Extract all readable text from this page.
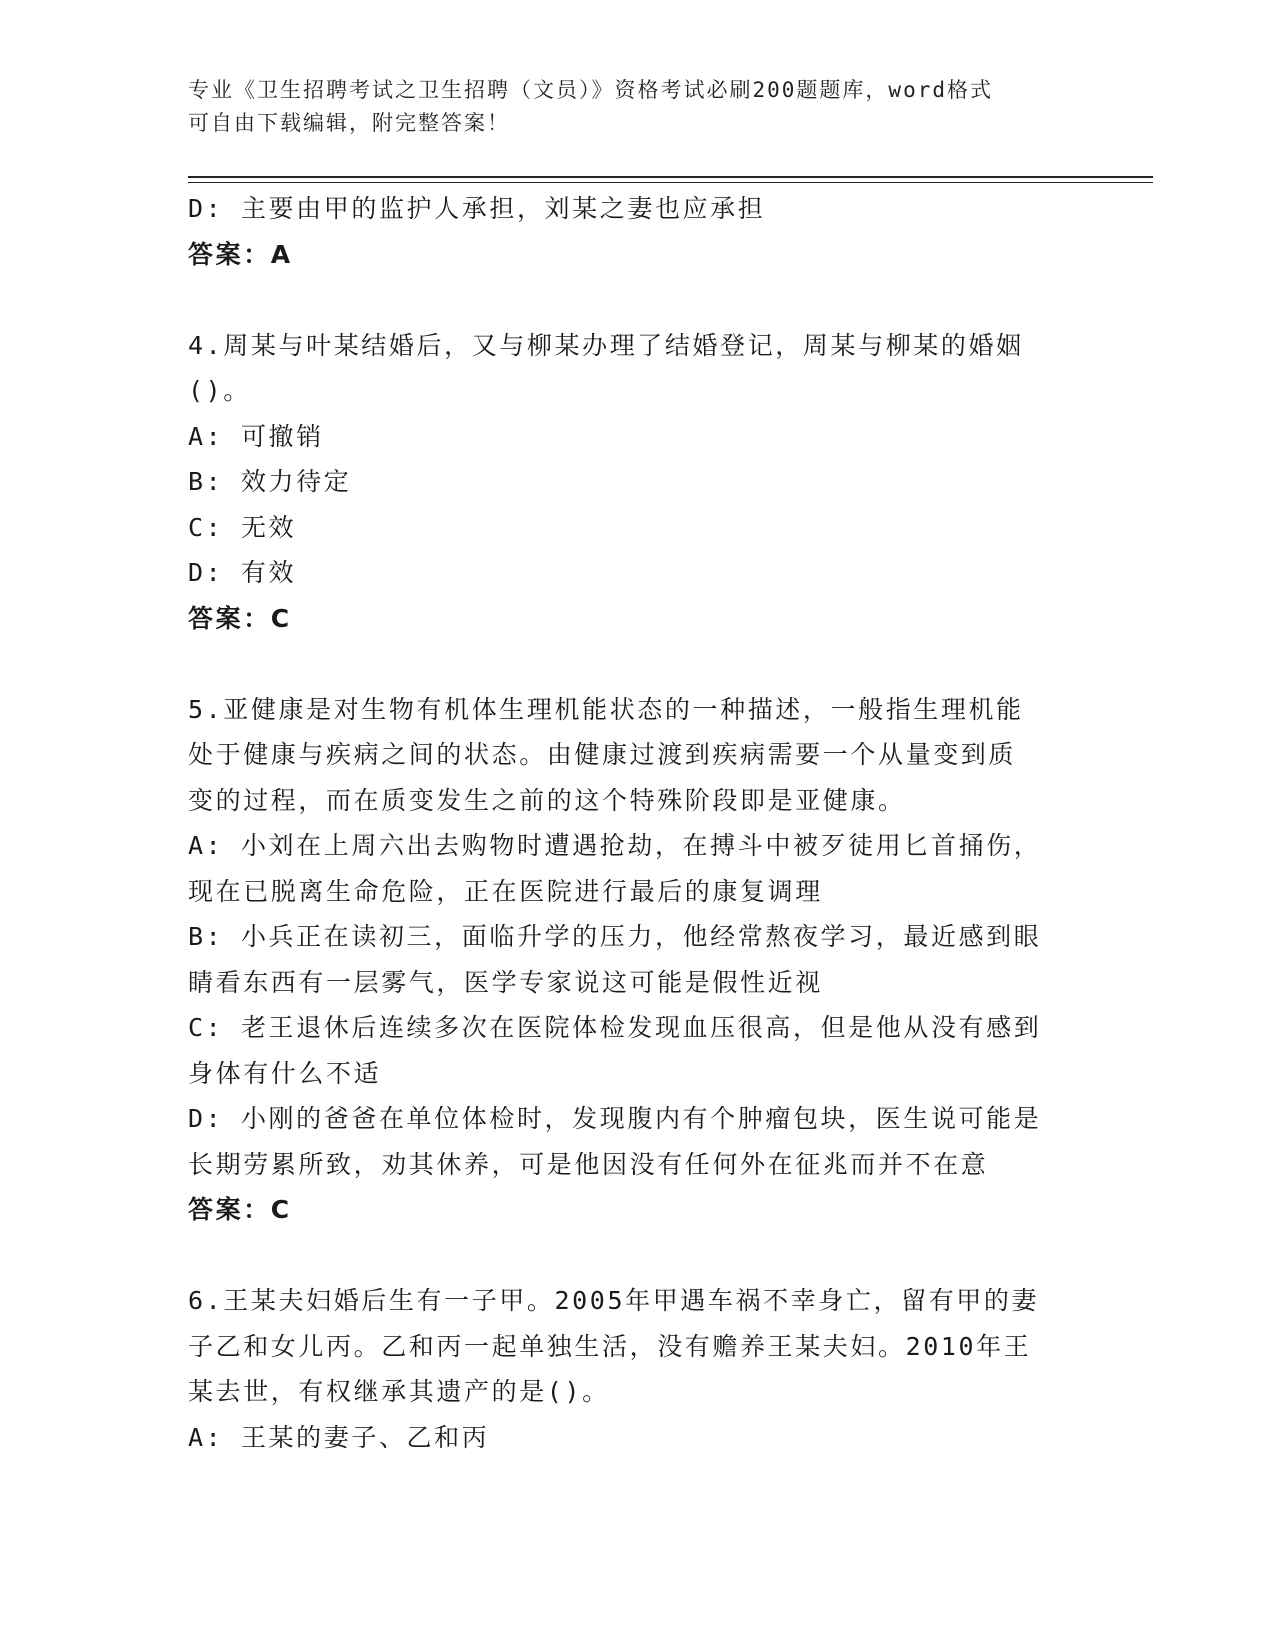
专业《卫生招聘考试之卫生招聘（文员）》资格考试必刷200题题库，word格式
可自由下载编辑，附完整答案！
D: 主要由甲的监护人承担，刘某之妻也应承担
答案：A
4.周某与叶某结婚后，又与柳某办理了结婚登记，周某与柳某的婚姻
()。
A: 可撤销
B: 效力待定
C: 无效
D: 有效
答案：C
5.亚健康是对生物有机体生理机能状态的一种描述，一般指生理机能
处于健康与疾病之间的状态。由健康过渡到疾病需要一个从量变到质
变的过程，而在质变发生之前的这个特殊阶段即是亚健康。
A: 小刘在上周六出去购物时遭遇抢劫，在搏斗中被歹徒用匕首捅伤，
现在已脱离生命危险，正在医院进行最后的康复调理
B: 小兵正在读初三，面临升学的压力，他经常熬夜学习，最近感到眼
睛看东西有一层雾气，医学专家说这可能是假性近视
C: 老王退休后连续多次在医院体检发现血压很高，但是他从没有感到
身体有什么不适
D: 小刚的爸爸在单位体检时，发现腹内有个肿瘤包块，医生说可能是
长期劳累所致，劝其休养，可是他因没有任何外在征兆而并不在意
答案：C
6.王某夫妇婚后生有一子甲。2005年甲遇车祸不幸身亡，留有甲的妻
子乙和女儿丙。乙和丙一起单独生活，没有赡养王某夫妇。2010年王
某去世，有权继承其遗产的是()。
A: 王某的妻子、乙和丙
